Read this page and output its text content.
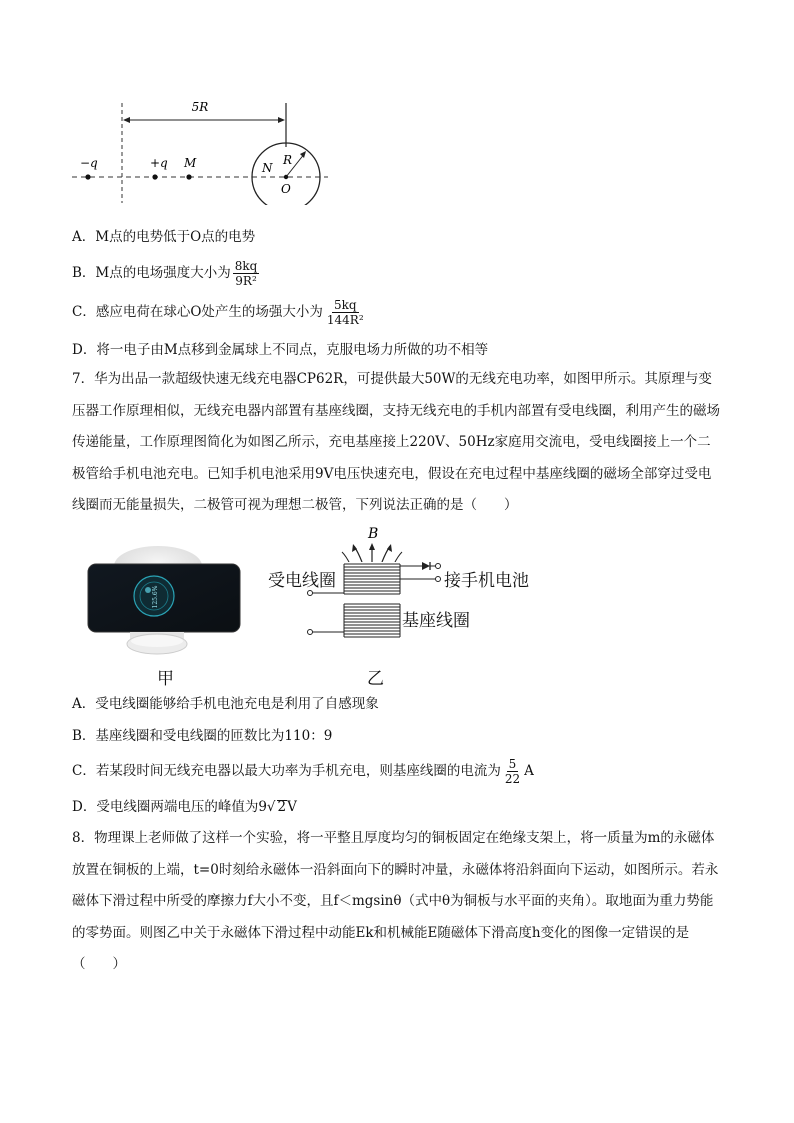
5R
−q	+q M	N
R
O
A．M点的电势低于O点的电势
B．M点的电场强度大小为 $\frac{8kq}{\text{9R²}}$
C．感应电荷在球心O处产生的场强大小为 $\frac{5kq}{\text{144R²}}$
D．将一电子由M点移到金属球上不同点，克服电场力所做的功不相等
7．华为出品一款超级快速无线充电器CP62R，可提供最大50W的无线充电功率，如图甲所示。其原理与变压器工作原理相似，无线充电器内部置有基座线圈，支持无线充电的手机内部置有受电线圈，利用产生的磁场传递能量，工作原理图简化为如图乙所示，充电基座接上220V、50Hz家庭用交流电，受电线圈接上一个二极管给手机电池充电。已知手机电池采用9V电压快速充电，假设在充电过程中基座线圈的磁场全部穿过受电线圈而无能量损失，二极管可视为理想二极管，下列说法正确的是（　　）
125.6%
甲
B
受电线圈	接手机电池
基座线圈
乙
A．受电线圈能够给手机电池充电是利用了自感现象
B．基座线圈和受电线圈的匝数比为110：9
C．若某段时间无线充电器以最大功率为手机充电，则基座线圈的电流为 $\frac{5}{22}$ A
D．受电线圈两端电压的峰值为9√ 2V
8．物理课上老师做了这样一个实验，将一平整且厚度均匀的铜板固定在绝缘支架上，将一质量为m的永磁体放置在铜板的上端，t=0时刻给永磁体一沿斜面向下的瞬时冲量，永磁体将沿斜面向下运动，如图所示。若永磁体下滑过程中所受的摩擦力f大小不变，且f＜mgsinθ（式中θ为铜板与水平面的夹角）。取地面为重力势能的零势面。则图乙中关于永磁体下滑过程中动能Ek和机械能E随磁体下滑高度h变化的图像一定错误的是（　　）
